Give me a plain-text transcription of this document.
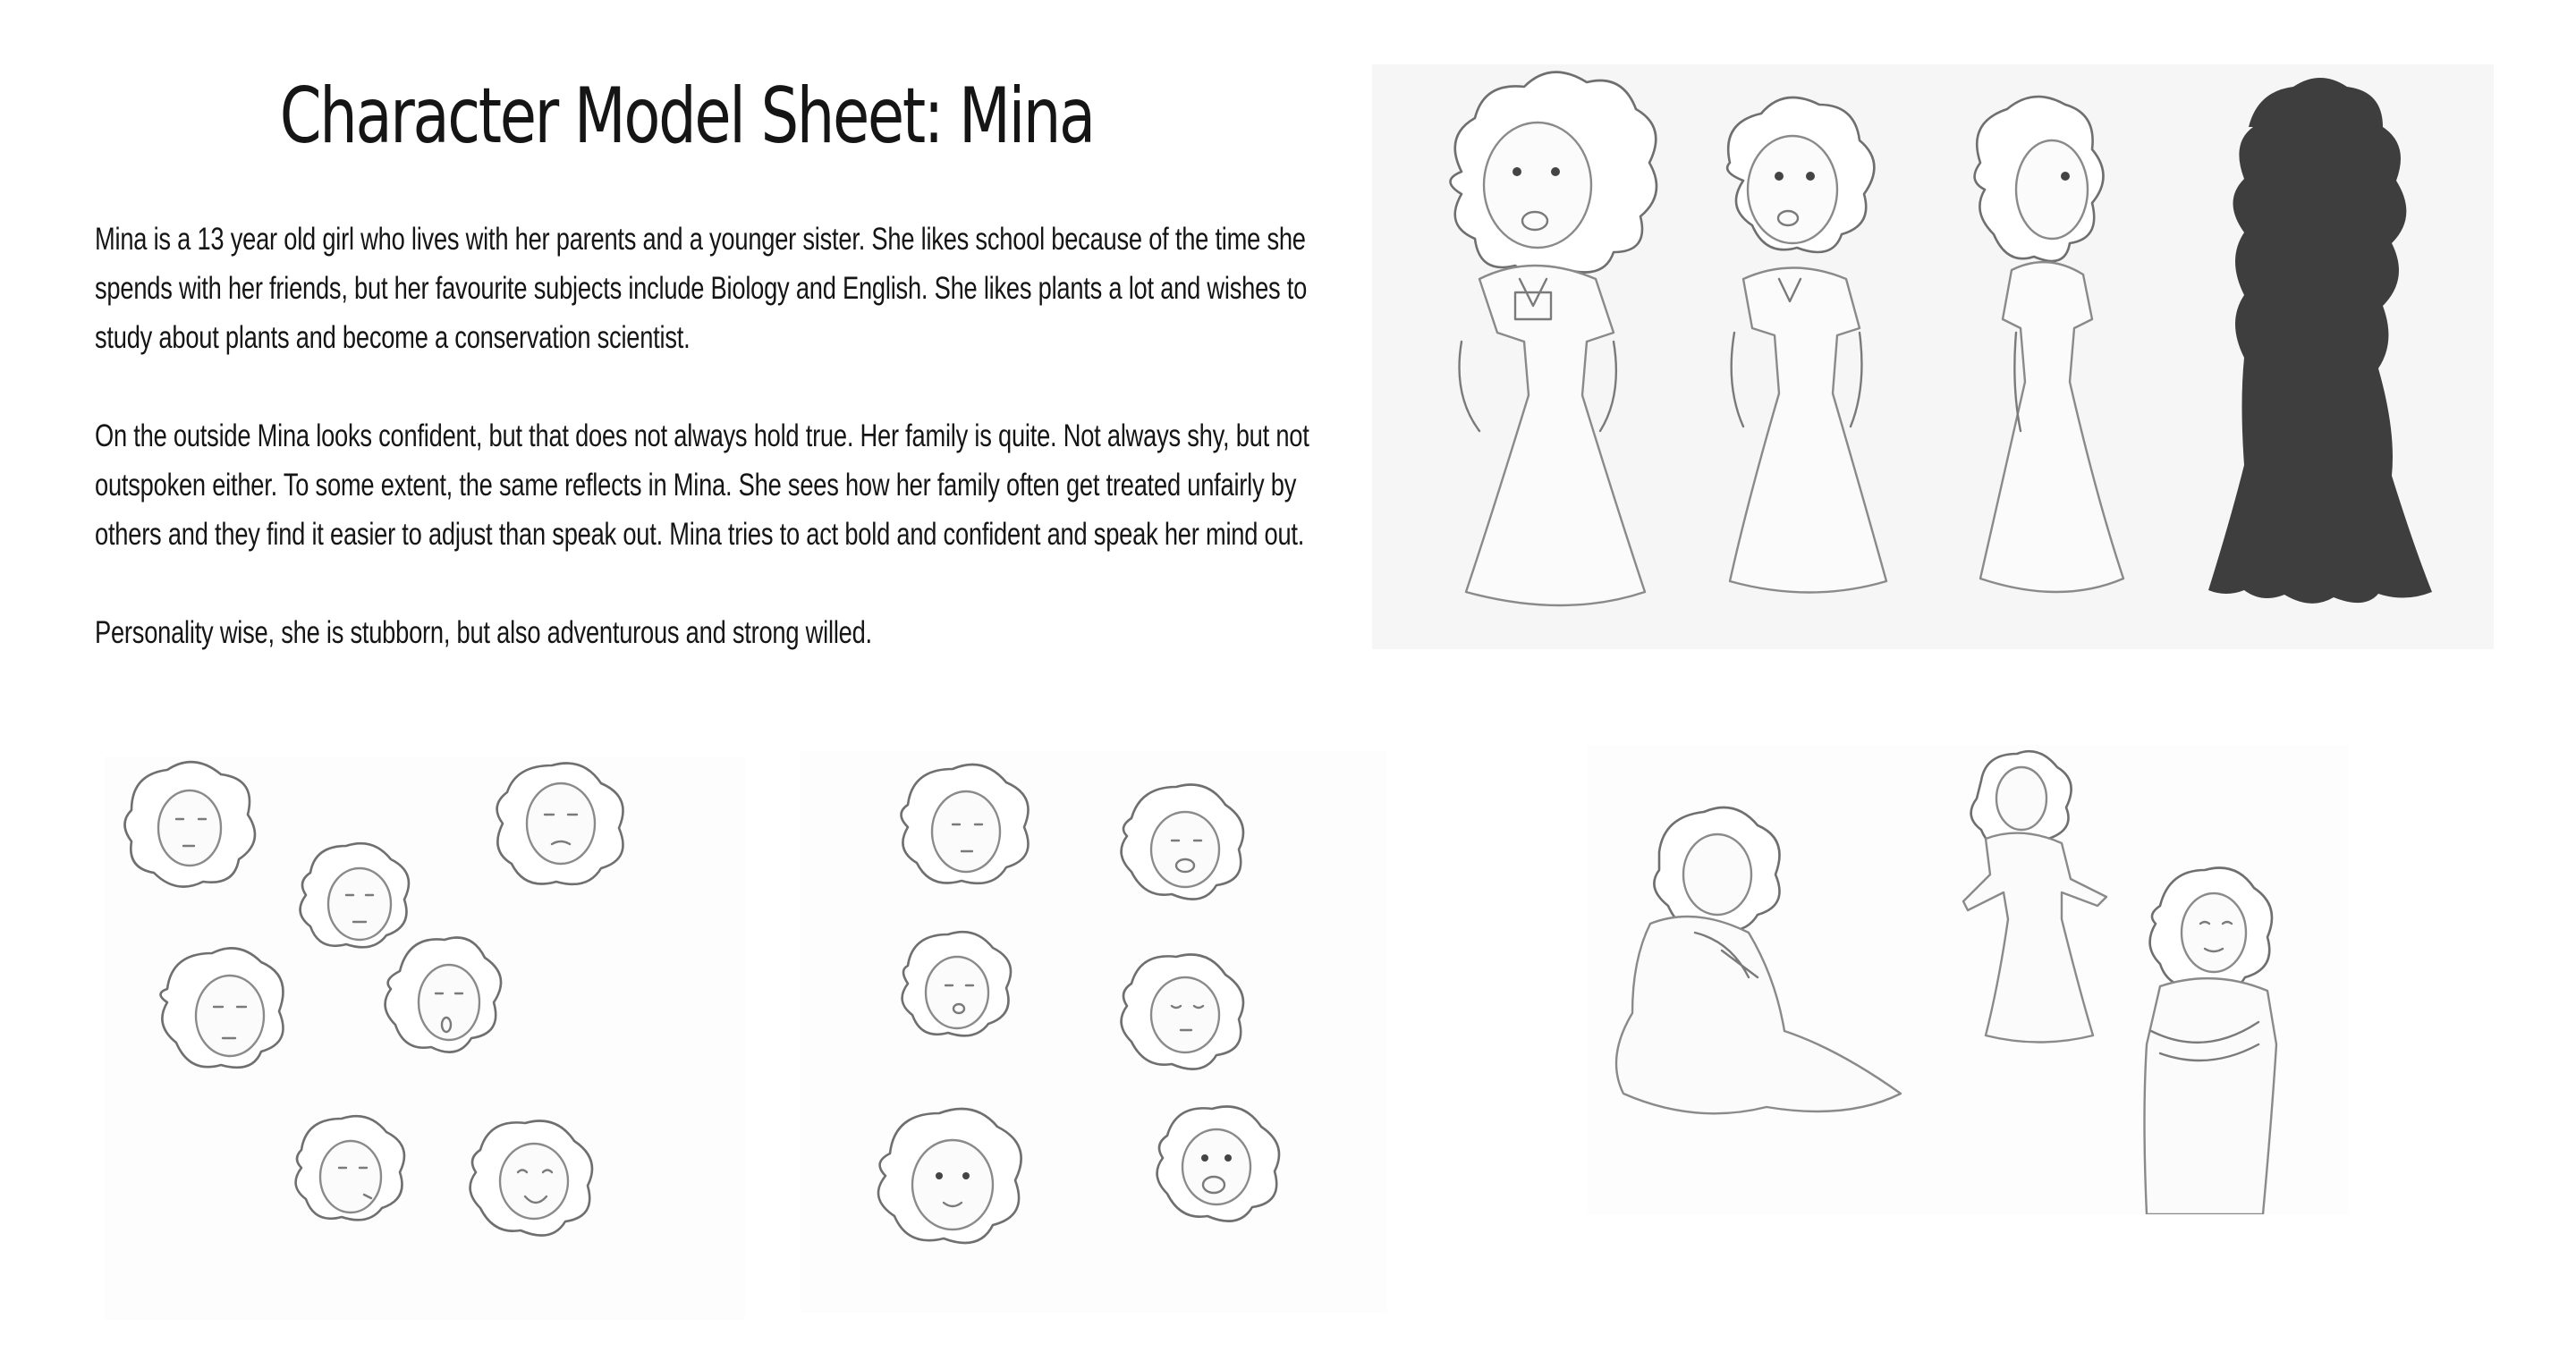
Character Model Sheet: Mina

Mina is a 13 year old girl who lives with her parents and a younger sister. She likes school because of the time she spends with her friends, but her favourite subjects include Biology and English. She likes plants a lot and wishes to study about plants and become a conservation scientist.

On the outside Mina looks confident, but that does not always hold true. Her family is quite. Not always shy, but not outspoken either. To some extent, the same reflects in Mina. She sees how her family often get treated unfairly by others and they find it easier to adjust than speak out. Mina tries to act bold and confident and speak her mind out.

Personality wise, she is stubborn, but also adventurous and strong willed.
